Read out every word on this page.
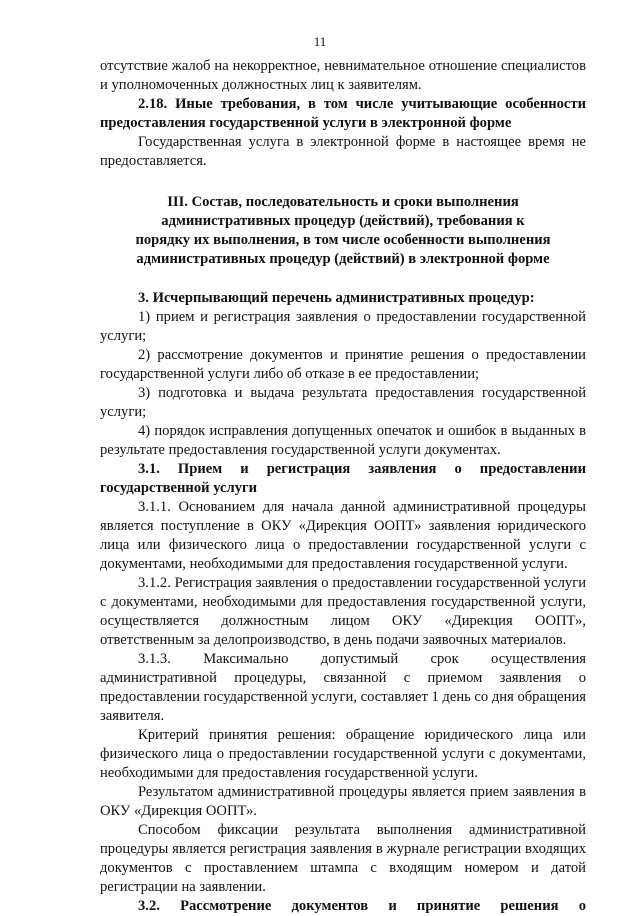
11

отсутствие жалоб на некорректное, невнимательное отношение специалистов и уполномоченных должностных лиц к заявителям.

2.18. Иные требования, в том числе учитывающие особенности предоставления государственной услуги в электронной форме

Государственная услуга в электронной форме в настоящее время не предоставляется.

III. Состав, последовательность и сроки выполнения
административных процедур (действий), требования к
порядку их выполнения, в том числе особенности выполнения
административных процедур (действий) в электронной форме

3. Исчерпывающий перечень административных процедур:

1) прием и регистрация заявления о предоставлении государственной услуги;

2) рассмотрение документов и принятие решения о предоставлении государственной услуги либо об отказе в ее предоставлении;

3) подготовка и выдача результата предоставления государственной услуги;

4) порядок исправления допущенных опечаток и ошибок в выданных в результате предоставления государственной услуги документах.

3.1. Прием и регистрация заявления о предоставлении государственной услуги

3.1.1. Основанием для начала данной административной процедуры является поступление в ОКУ «Дирекция ООПТ» заявления юридического лица или физического лица о предоставлении государственной услуги с документами, необходимыми для предоставления государственной услуги.

3.1.2. Регистрация заявления о предоставлении государственной услуги с документами, необходимыми для предоставления государственной услуги, осуществляется должностным лицом ОКУ «Дирекция ООПТ», ответственным за делопроизводство, в день подачи заявочных материалов.

3.1.3. Максимально допустимый срок осуществления административной процедуры, связанной с приемом заявления о предоставлении государственной услуги, составляет 1 день со дня обращения заявителя.

Критерий принятия решения: обращение юридического лица или физического лица о предоставлении государственной услуги с документами, необходимыми для предоставления государственной услуги.

Результатом административной процедуры является прием заявления в ОКУ «Дирекция ООПТ».

Способом фиксации результата выполнения административной процедуры является регистрация заявления в журнале регистрации входящих документов с проставлением штампа с входящим номером и датой регистрации на заявлении.

3.2. Рассмотрение документов и принятие решения о
